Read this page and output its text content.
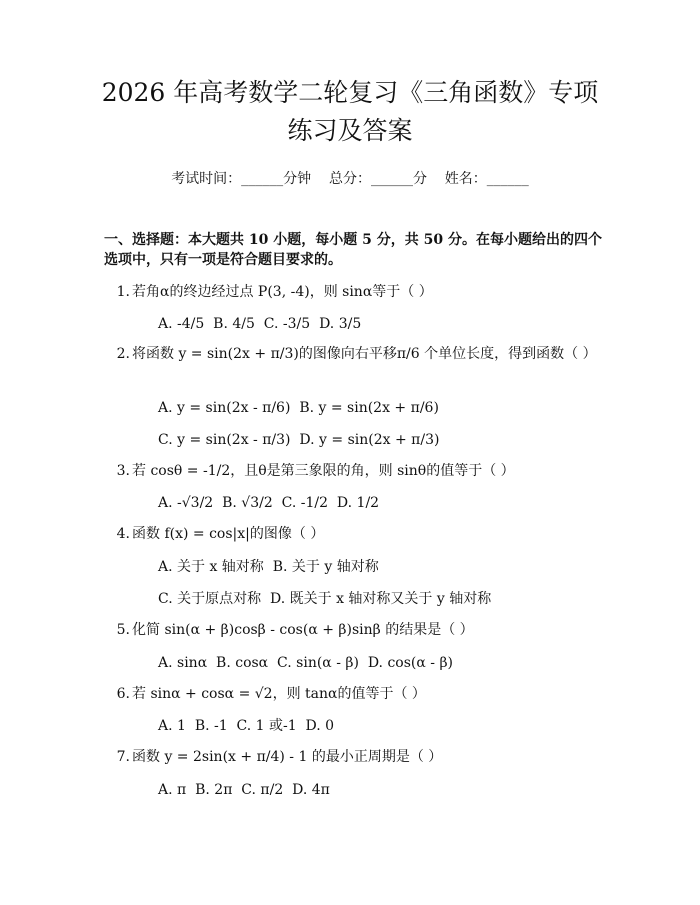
2026 年高考数学二轮复习《三角函数》专项
练习及答案
考试时间：______分钟    总分：______分    姓名：______
一、选择题：本大题共 10 小题，每小题 5 分，共 50 分。在每小题给出的四个选项中，只有一项是符合题目要求的。
1. 若角α的终边经过点 P(3, -4)，则 sinα等于（ ）
A. -4/5  B. 4/5  C. -3/5  D. 3/5
2. 将函数 y = sin(2x + π/3)的图像向右平移π/6 个单位长度，得到函数（ ）
A. y = sin(2x - π/6)  B. y = sin(2x + π/6)
C. y = sin(2x - π/3)  D. y = sin(2x + π/3)
3. 若 cosθ = -1/2，且θ是第三象限的角，则 sinθ的值等于（ ）
A. -√3/2  B. √3/2  C. -1/2  D. 1/2
4. 函数 f(x) = cos|x|的图像（ ）
A. 关于 x 轴对称  B. 关于 y 轴对称
C. 关于原点对称  D. 既关于 x 轴对称又关于 y 轴对称
5. 化简 sin(α + β)cosβ - cos(α + β)sinβ 的结果是（ ）
A. sinα  B. cosα  C. sin(α - β)  D. cos(α - β)
6. 若 sinα + cosα = √2，则 tanα的值等于（ ）
A. 1  B. -1  C. 1 或-1  D. 0
7. 函数 y = 2sin(x + π/4) - 1 的最小正周期是（ ）
A. π  B. 2π  C. π/2  D. 4π
